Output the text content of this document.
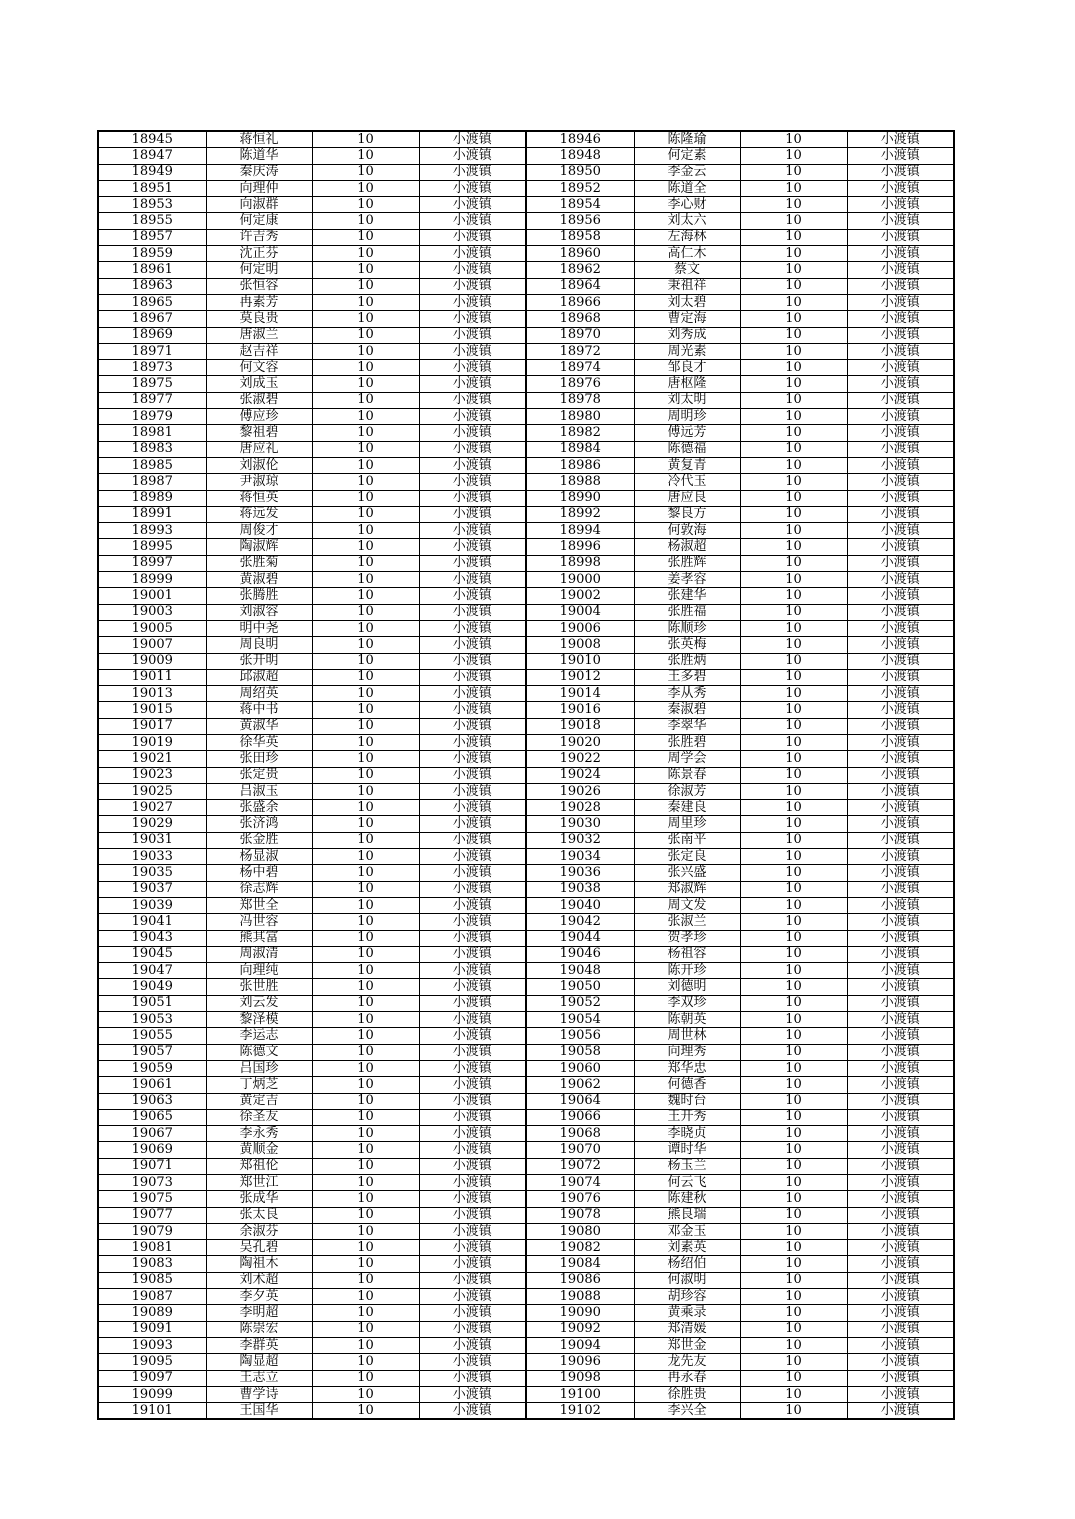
18945	蒋恒礼	10	小渡镇	18946	陈隆瑜	10	小渡镇
18947	陈道华	10	小渡镇	18948	何定素	10	小渡镇
18949	秦庆涛	10	小渡镇	18950	李金云	10	小渡镇
18951	向理仲	10	小渡镇	18952	陈道全	10	小渡镇
18953	向淑群	10	小渡镇	18954	李心财	10	小渡镇
18955	何定康	10	小渡镇	18956	刘太六	10	小渡镇
18957	许吉秀	10	小渡镇	18958	左海林	10	小渡镇
18959	沈正芬	10	小渡镇	18960	高仁木	10	小渡镇
18961	何定明	10	小渡镇	18962	蔡文	10	小渡镇
18963	张恒容	10	小渡镇	18964	秉祖祥	10	小渡镇
18965	冉素芳	10	小渡镇	18966	刘太碧	10	小渡镇
18967	莫良贵	10	小渡镇	18968	曹定海	10	小渡镇
18969	唐淑兰	10	小渡镇	18970	刘秀成	10	小渡镇
18971	赵吉祥	10	小渡镇	18972	周光素	10	小渡镇
18973	何文容	10	小渡镇	18974	邹良才	10	小渡镇
18975	刘成玉	10	小渡镇	18976	唐枢隆	10	小渡镇
18977	张淑碧	10	小渡镇	18978	刘太明	10	小渡镇
18979	傅应珍	10	小渡镇	18980	周明珍	10	小渡镇
18981	黎祖碧	10	小渡镇	18982	傅远芳	10	小渡镇
18983	唐应礼	10	小渡镇	18984	陈德福	10	小渡镇
18985	刘淑伦	10	小渡镇	18986	黄复青	10	小渡镇
18987	尹淑琼	10	小渡镇	18988	冷代玉	10	小渡镇
18989	蒋恒英	10	小渡镇	18990	唐应良	10	小渡镇
18991	蒋远发	10	小渡镇	18992	黎良方	10	小渡镇
18993	周俊才	10	小渡镇	18994	何敦海	10	小渡镇
18995	陶淑辉	10	小渡镇	18996	杨淑超	10	小渡镇
18997	张胜菊	10	小渡镇	18998	张胜辉	10	小渡镇
18999	黄淑碧	10	小渡镇	19000	姜孝容	10	小渡镇
19001	张腾胜	10	小渡镇	19002	张建华	10	小渡镇
19003	刘淑容	10	小渡镇	19004	张胜福	10	小渡镇
19005	明中尧	10	小渡镇	19006	陈顺珍	10	小渡镇
19007	周良明	10	小渡镇	19008	张英梅	10	小渡镇
19009	张开明	10	小渡镇	19010	张胜炳	10	小渡镇
19011	邱淑超	10	小渡镇	19012	王多碧	10	小渡镇
19013	周绍英	10	小渡镇	19014	李从秀	10	小渡镇
19015	蒋中书	10	小渡镇	19016	秦淑碧	10	小渡镇
19017	黄淑华	10	小渡镇	19018	李翠华	10	小渡镇
19019	徐华英	10	小渡镇	19020	张胜碧	10	小渡镇
19021	张田珍	10	小渡镇	19022	周学会	10	小渡镇
19023	张定贵	10	小渡镇	19024	陈景春	10	小渡镇
19025	吕淑玉	10	小渡镇	19026	徐淑芳	10	小渡镇
19027	张盛余	10	小渡镇	19028	秦建良	10	小渡镇
19029	张济鸿	10	小渡镇	19030	周里珍	10	小渡镇
19031	张金胜	10	小渡镇	19032	张南平	10	小渡镇
19033	杨显淑	10	小渡镇	19034	张定良	10	小渡镇
19035	杨中碧	10	小渡镇	19036	张兴盛	10	小渡镇
19037	徐志辉	10	小渡镇	19038	郑淑辉	10	小渡镇
19039	郑世全	10	小渡镇	19040	周文发	10	小渡镇
19041	冯世容	10	小渡镇	19042	张淑兰	10	小渡镇
19043	熊其富	10	小渡镇	19044	贺孝珍	10	小渡镇
19045	周淑清	10	小渡镇	19046	杨祖容	10	小渡镇
19047	向理纯	10	小渡镇	19048	陈开珍	10	小渡镇
19049	张世胜	10	小渡镇	19050	刘德明	10	小渡镇
19051	刘云发	10	小渡镇	19052	李双珍	10	小渡镇
19053	黎泽模	10	小渡镇	19054	陈朝英	10	小渡镇
19055	李运志	10	小渡镇	19056	周世林	10	小渡镇
19057	陈德文	10	小渡镇	19058	向理秀	10	小渡镇
19059	吕国珍	10	小渡镇	19060	郑华忠	10	小渡镇
19061	丁炳芝	10	小渡镇	19062	何德香	10	小渡镇
19063	黄定吉	10	小渡镇	19064	魏时台	10	小渡镇
19065	徐圣友	10	小渡镇	19066	王开秀	10	小渡镇
19067	李永秀	10	小渡镇	19068	李晓贞	10	小渡镇
19069	黄顺金	10	小渡镇	19070	谭时华	10	小渡镇
19071	郑祖伦	10	小渡镇	19072	杨玉兰	10	小渡镇
19073	郑世江	10	小渡镇	19074	何云飞	10	小渡镇
19075	张成华	10	小渡镇	19076	陈建秋	10	小渡镇
19077	张太良	10	小渡镇	19078	熊良瑞	10	小渡镇
19079	余淑芬	10	小渡镇	19080	邓金玉	10	小渡镇
19081	吴孔碧	10	小渡镇	19082	刘素英	10	小渡镇
19083	陶祖木	10	小渡镇	19084	杨绍伯	10	小渡镇
19085	刘术超	10	小渡镇	19086	何淑明	10	小渡镇
19087	李夕英	10	小渡镇	19088	胡珍容	10	小渡镇
19089	李明超	10	小渡镇	19090	黄乘录	10	小渡镇
19091	陈崇宏	10	小渡镇	19092	郑清媛	10	小渡镇
19093	李群英	10	小渡镇	19094	郑世金	10	小渡镇
19095	陶显超	10	小渡镇	19096	龙先友	10	小渡镇
19097	王志立	10	小渡镇	19098	冉永春	10	小渡镇
19099	曹学诗	10	小渡镇	19100	徐胜贵	10	小渡镇
19101	王国华	10	小渡镇	19102	李兴全	10	小渡镇
